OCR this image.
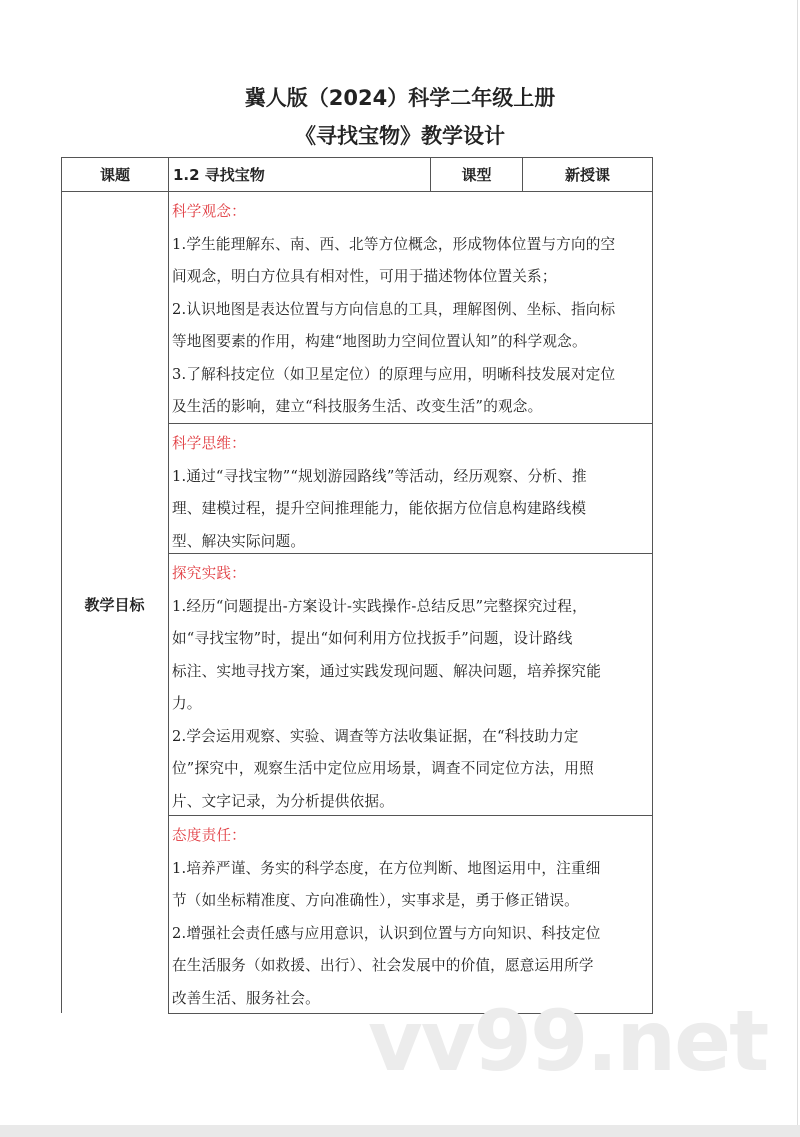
冀人版（2024）科学二年级上册
《寻找宝物》教学设计
课题	1.2 寻找宝物	课型	新授课
教学目标
科学观念：
1.学生能理解东、南、西、北等方位概念，形成物体位置与方向的空
间观念，明白方位具有相对性，可用于描述物体位置关系；
2.认识地图是表达位置与方向信息的工具，理解图例、坐标、指向标
等地图要素的作用，构建“地图助力空间位置认知”的科学观念。
3.了解科技定位（如卫星定位）的原理与应用，明晰科技发展对定位
及生活的影响，建立“科技服务生活、改变生活”的观念。
科学思维：
1.通过“寻找宝物”“规划游园路线”等活动，经历观察、分析、推
理、建模过程，提升空间推理能力，能依据方位信息构建路线模
型、解决实际问题。
探究实践：
1.经历“问题提出-方案设计-实践操作-总结反思”完整探究过程，
如“寻找宝物”时，提出“如何利用方位找扳手”问题，设计路线
标注、实地寻找方案，通过实践发现问题、解决问题，培养探究能
力。
2.学会运用观察、实验、调查等方法收集证据，在“科技助力定
位”探究中，观察生活中定位应用场景，调查不同定位方法，用照
片、文字记录，为分析提供依据。
态度责任：
1.培养严谨、务实的科学态度，在方位判断、地图运用中，注重细
节（如坐标精准度、方向准确性），实事求是，勇于修正错误。
2.增强社会责任感与应用意识，认识到位置与方向知识、科技定位
在生活服务（如救援、出行）、社会发展中的价值，愿意运用所学
改善生活、服务社会。 vv99.net
